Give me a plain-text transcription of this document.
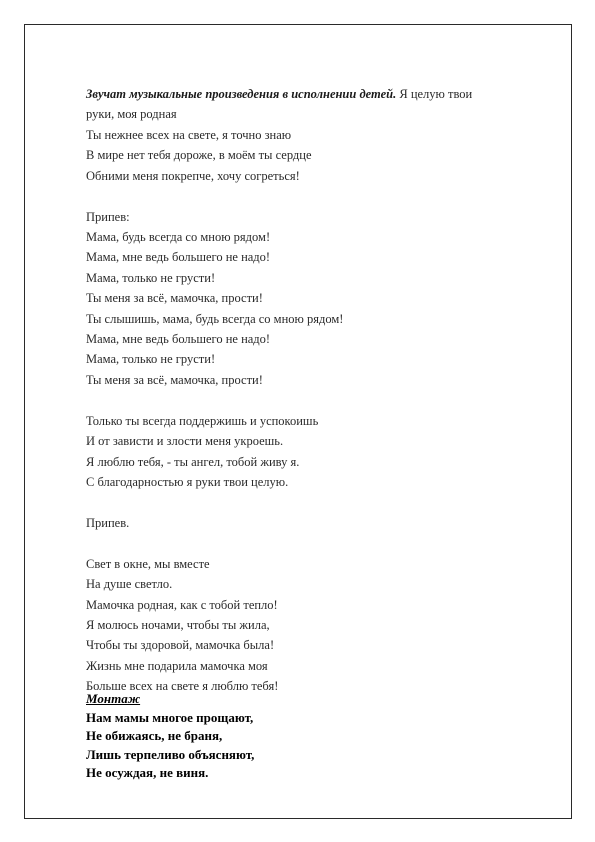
Звучат музыкальные произведения в исполнении детей. Я целую твои
руки, моя родная
Ты нежнее всех на свете, я точно знаю
В мире нет тебя дороже, в моём ты сердце
Обними меня покрепче, хочу согреться!
Припев:
Мама, будь всегда со мною рядом!
Мама, мне ведь большего не надо!
Мама, только не грусти!
Ты меня за всё, мамочка, прости!
Ты слышишь, мама, будь всегда со мною рядом!
Мама, мне ведь большего не надо!
Мама, только не грусти!
Ты меня за всё, мамочка, прости!
Только ты всегда поддержишь и успокоишь
И от зависти и злости меня укроешь.
Я люблю тебя, - ты ангел, тобой живу я.
С благодарностью я руки твои целую.
Припев.
Свет в окне, мы вместе
На душе светло.
Мамочка родная, как с тобой тепло!
Я молюсь ночами, чтобы ты жила,
Чтобы ты здоровой, мамочка была!
Жизнь мне подарила мамочка моя
Больше всех на свете я люблю тебя!
Монтаж
Нам мамы многое прощают,
Не обижаясь, не браня,
Лишь терпеливо объясняют,
Не осуждая, не виня.
